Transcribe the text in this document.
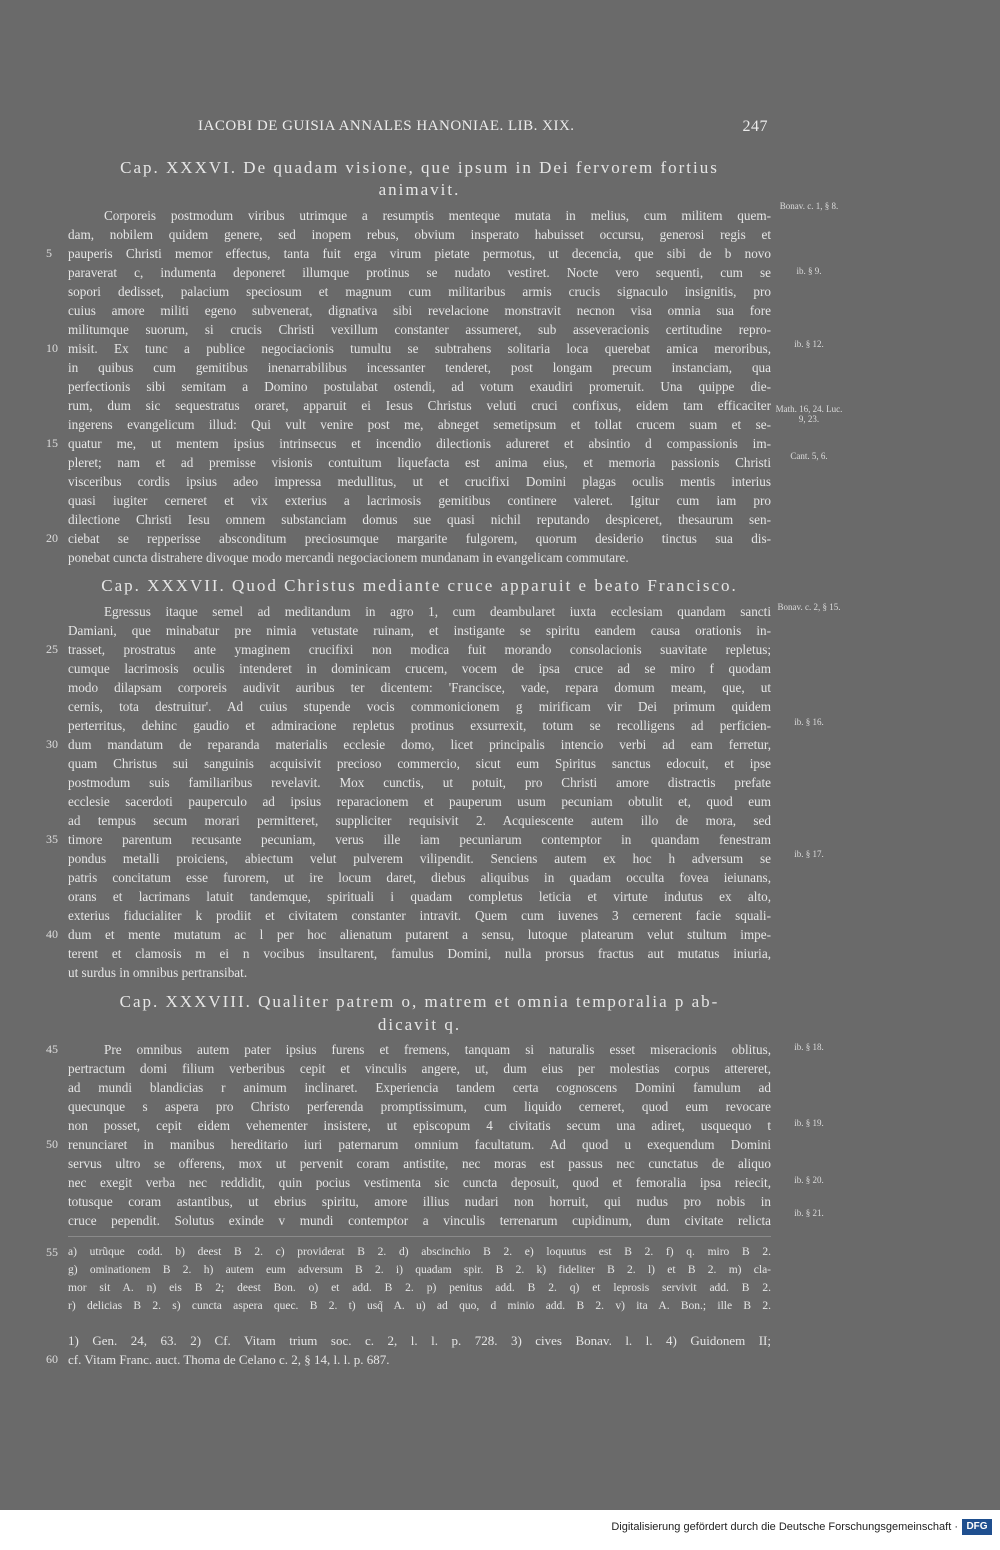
IACOBI DE GUISIA ANNALES HANONIAE. LIB. XIX.	247
Cap. XXXVI. De quadam visione, que ipsum in Dei fervorem fortius
animavit.
Corporeis postmodum viribus utrimque a resumptis menteque mutata in melius, cum militem quem-
dam, nobilem quidem genere, sed inopem rebus, obvium insperato habuisset occursu, generosi regis et
pauperis Christi memor effectus, tanta fuit erga virum pietate permotus, ut decencia, que sibi de b novo
paraverat c, indumenta deponeret illumque protinus se nudato vestiret. Nocte vero sequenti, cum se
sopori dedisset, palacium speciosum et magnum cum militaribus armis crucis signaculo insignitis, pro
cuius amore militi egeno subvenerat, dignativa sibi revelacione monstravit necnon visa omnia sua fore
militumque suorum, si crucis Christi vexillum constanter assumeret, sub asseveracionis certitudine repro-
misit. Ex tunc a publice negociacionis tumultu se subtrahens solitaria loca querebat amica meroribus,
in quibus cum gemitibus inenarrabilibus incessanter tenderet, post longam precum instanciam, qua
perfectionis sibi semitam a Domino postulabat ostendi, ad votum exaudiri promeruit. Una quippe die-
rum, dum sic sequestratus oraret, apparuit ei Iesus Christus veluti cruci confixus, eidem tam efficaciter
ingerens evangelicum illud: Qui vult venire post me, abneget semetipsum et tollat crucem suam et se-
quatur me, ut mentem ipsius intrinsecus et incendio dilectionis adureret et absintio d compassionis im-
pleret; nam et ad premisse visionis contuitum liquefacta est anima eius, et memoria passionis Christi
visceribus cordis ipsius adeo impressa medullitus, ut et crucifixi Domini plagas oculis mentis interius
quasi iugiter cerneret et vix exterius a lacrimosis gemitibus continere valeret. Igitur cum iam pro
dilectione Christi Iesu omnem substanciam domus sue quasi nichil reputando despiceret, thesaurum sen-
ciebat se repperisse absconditum preciosumque margarite fulgorem, quorum desiderio tinctus sua dis-
ponebat cuncta distrahere divoque modo mercandi negociacionem mundanam in evangelicam commutare.
Cap. XXXVII. Quod Christus mediante cruce apparuit e beato Francisco.
Egressus itaque semel ad meditandum in agro 1, cum deambularet iuxta ecclesiam quandam sancti
Damiani, que minabatur pre nimia vetustate ruinam, et instigante se spiritu eandem causa orationis in-
trasset, prostratus ante ymaginem crucifixi non modica fuit morando consolacionis suavitate repletus;
cumque lacrimosis oculis intenderet in dominicam crucem, vocem de ipsa cruce ad se miro f quodam
modo dilapsam corporeis audivit auribus ter dicentem: 'Francisce, vade, repara domum meam, que, ut
cernis, tota destruitur'. Ad cuius stupende vocis commonicionem g mirificam vir Dei primum quidem
perterritus, dehinc gaudio et admiracione repletus protinus exsurrexit, totum se recolligens ad perficien-
dum mandatum de reparanda materialis ecclesie domo, licet principalis intencio verbi ad eam ferretur,
quam Christus sui sanguinis acquisivit precioso commercio, sicut eum Spiritus sanctus edocuit, et ipse
postmodum suis familiaribus revelavit. Mox cunctis, ut potuit, pro Christi amore distractis prefate
ecclesie sacerdoti pauperculo ad ipsius reparacionem et pauperum usum pecuniam obtulit et, quod eum
ad tempus secum morari permitteret, suppliciter requisivit 2. Acquiescente autem illo de mora, sed
timore parentum recusante pecuniam, verus ille iam pecuniarum contemptor in quandam fenestram
pondus metalli proiciens, abiectum velut pulverem vilipendit. Senciens autem ex hoc h adversum se
patris concitatum esse furorem, ut ire locum daret, diebus aliquibus in quadam occulta fovea ieiunans,
orans et lacrimans latuit tandemque, spirituali i quadam completus leticia et virtute indutus ex alto,
exterius fiducialiter k prodiit et civitatem constanter intravit. Quem cum iuvenes 3 cernerent facie squali-
dum et mente mutatum ac l per hoc alienatum putarent a sensu, lutoque platearum velut stultum impe-
terent et clamosis m ei n vocibus insultarent, famulus Domini, nulla prorsus fractus aut mutatus iniuria,
ut surdus in omnibus pertransibat.
Cap. XXXVIII. Qualiter patrem o, matrem et omnia temporalia p ab-
dicavit q.
Pre omnibus autem pater ipsius furens et fremens, tanquam si naturalis esset miseracionis oblitus,
pertractum domi filium verberibus cepit et vinculis angere, ut, dum eius per molestias corpus attereret,
ad mundi blandicias r animum inclinaret. Experiencia tandem certa cognoscens Domini famulum ad
quecunque s aspera pro Christo perferenda promptissimum, cum liquido cerneret, quod eum revocare
non posset, cepit eidem vehementer insistere, ut episcopum 4 civitatis secum una adiret, usquequo t
renunciaret in manibus hereditario iuri paternarum omnium facultatum. Ad quod u exequendum Domini
servus ultro se offerens, mox ut pervenit coram antistite, nec moras est passus nec cunctatus de aliquo
nec exegit verba nec reddidit, quin pocius vestimenta sic cuncta deposuit, quod et femoralia ipsa reiecit,
totusque coram astantibus, ut ebrius spiritu, amore illius nudari non horruit, qui nudus pro nobis in
cruce pependit. Solutus exinde v mundi contemptor a vinculis terrenarum cupidinum, dum civitate relicta
a) utrũque codd. b) deest B 2. c) providerat B 2. d) abscinchio B 2. e) loquutus est B 2. f) q. miro B 2.
g) ominationem B 2. h) autem eum adversum B 2. i) quadam spir. B 2. k) fideliter B 2. l) et B 2. m) cla-
mor sit A. n) eis B 2; deest Bon. o) et add. B 2. p) penitus add. B 2. q) et leprosis servivit add. B 2.
r) delicias B 2. s) cuncta aspera quec. B 2. t) usq̃ A. u) ad quo, d minio add. B 2. v) ita A. Bon.; ille B 2.
1) Gen. 24, 63. 2) Cf. Vitam trium soc. c. 2, l. l. p. 728. 3) cives Bonav. l. l. 4) Guidonem II;
cf. Vitam Franc. auct. Thoma de Celano c. 2, § 14, l. l. p. 687.
5
10
15
20
25
30
35
40
45
50
55
60
Bonav. c. 1, § 8.
ib. § 9.
ib. § 12.
Math. 16, 24. Luc. 9, 23.
Cant. 5, 6.
Bonav. c. 2, § 15.
ib. § 16.
ib. § 17.
ib. § 18.
ib. § 19.
ib. § 20.
ib. § 21.
Digitalisierung gefördert durch die Deutsche Forschungsgemeinschaft · DFG
